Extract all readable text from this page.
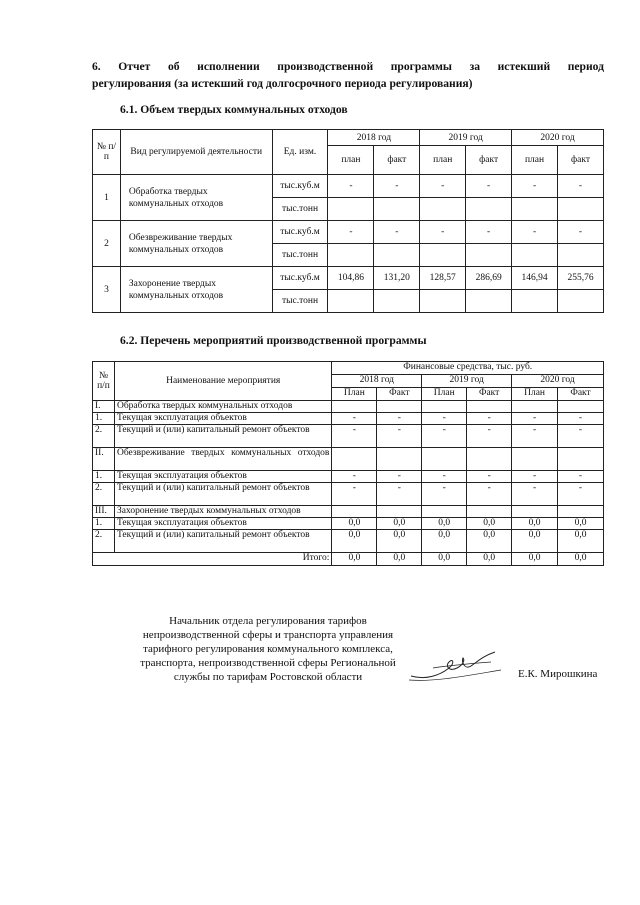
6. Отчет об исполнении производственной программы за истекший период
регулирования (за истекший год долгосрочного периода регулирования)
6.1. Объем твердых коммунальных отходов
№ п/п	Вид регулируемой деятельности	Ед. изм.	2018 год		2019 год		2020 год	
			план	факт	план	факт	план	факт
1	Обработка твердых коммунальных отходов	тыс.куб.м	-	-	-	-	-	-
		тыс.тонн						
2	Обезвреживание твердых коммунальных отходов	тыс.куб.м	-	-	-	-	-	-
		тыс.тонн						
3	Захоронение твердых коммунальных отходов	тыс.куб.м	104,86	131,20	128,57	286,69	146,94	255,76
		тыс.тонн						
6.2. Перечень мероприятий производственной программы
№ п/п	Наименование мероприятия	Финансовые средства, тыс. руб.					
		2018 год		2019 год		2020 год	
		План	Факт	План	Факт	План	Факт
I.	Обработка твердых коммунальных отходов						
1.	Текущая эксплуатация объектов	-	-	-	-	-	-
2.	Текущий и (или) капитальный ремонт объектов	-	-	-	-	-	-
II.	Обезвреживание твердых коммунальных отходов						
1.	Текущая эксплуатация объектов	-	-	-	-	-	-
2.	Текущий и (или) капитальный ремонт объектов	-	-	-	-	-	-
III.	Захоронение твердых коммунальных отходов						
1.	Текущая эксплуатация объектов	0,0	0,0	0,0	0,0	0,0	0,0
2.	Текущий и (или) капитальный ремонт объектов	0,0	0,0	0,0	0,0	0,0	0,0
Итого:		0,0	0,0	0,0	0,0	0,0	0,0
Начальник отдела регулирования тарифов
непроизводственной сферы и транспорта управления
тарифного регулирования коммунального комплекса,
транспорта, непроизводственной сферы Региональной
службы по тарифам Ростовской области	Е.К. Мирошкина
